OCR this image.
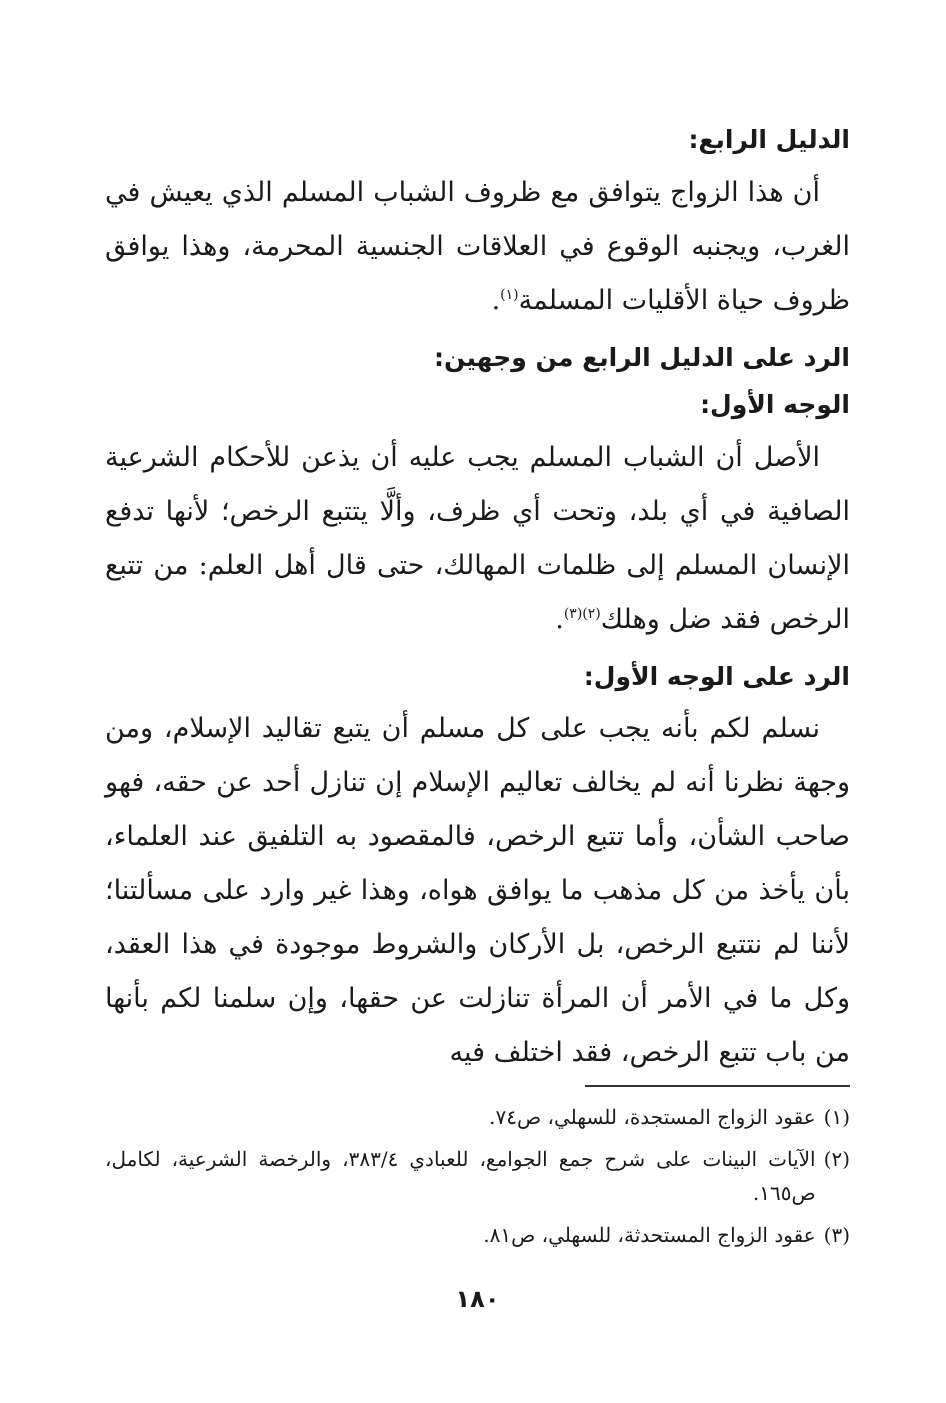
الدليل الرابع:

أن هذا الزواج يتوافق مع ظروف الشباب المسلم الذي يعيش في الغرب، ويجنبه الوقوع في العلاقات الجنسية المحرمة، وهذا يوافق ظروف حياة الأقليات المسلمة$^{(١)}$.

الرد على الدليل الرابع من وجهين:

الوجه الأول:

الأصل أن الشباب المسلم يجب عليه أن يذعن للأحكام الشرعية الصافية في أي بلد، وتحت أي ظرف، وألَّا يتتبع الرخص؛ لأنها تدفع الإنسان المسلم إلى ظلمات المهالك، حتى قال أهل العلم: من تتبع الرخص فقد ضل وهلك$^{(٢)(٣)}$.

الرد على الوجه الأول:

نسلم لكم بأنه يجب على كل مسلم أن يتبع تقاليد الإسلام، ومن وجهة نظرنا أنه لم يخالف تعاليم الإسلام إن تنازل أحد عن حقه، فهو صاحب الشأن، وأما تتبع الرخص، فالمقصود به التلفيق عند العلماء، بأن يأخذ من كل مذهب ما يوافق هواه، وهذا غير وارد على مسألتنا؛ لأننا لم نتتبع الرخص، بل الأركان والشروط موجودة في هذا العقد، وكل ما في الأمر أن المرأة تنازلت عن حقها، وإن سلمنا لكم بأنها من باب تتبع الرخص، فقد اختلف فيه

(١)
عقود الزواج المستجدة، للسهلي، ص٧٤.
(٢)
الآيات البينات على شرح جمع الجوامع، للعبادي ٣٨٣/٤، والرخصة الشرعية، لكامل، ص١٦٥.
(٣)
عقود الزواج المستحدثة، للسهلي، ص٨١.
١٨٠
